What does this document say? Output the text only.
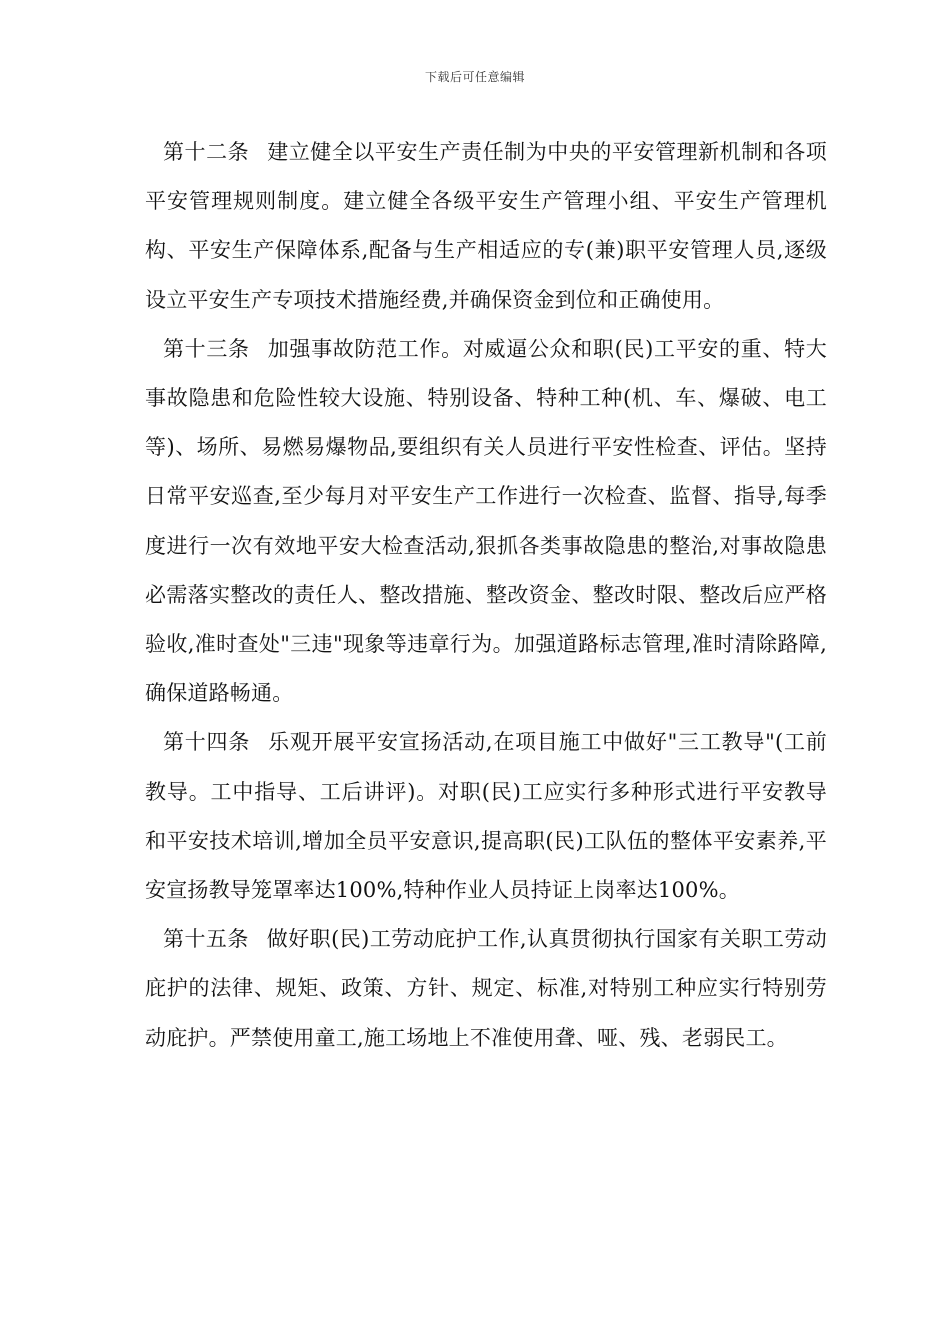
下载后可任意编辑

第十二条 建立健全以平安生产责任制为中央的平安管理新机制和各项平安管理规则制度。建立健全各级平安生产管理小组、平安生产管理机构、平安生产保障体系,配备与生产相适应的专(兼)职平安管理人员,逐级设立平安生产专项技术措施经费,并确保资金到位和正确使用。

第十三条 加强事故防范工作。对威逼公众和职(民)工平安的重、特大事故隐患和危险性较大设施、特别设备、特种工种(机、车、爆破、电工等)、场所、易燃易爆物品,要组织有关人员进行平安性检查、评估。坚持日常平安巡查,至少每月对平安生产工作进行一次检查、监督、指导,每季度进行一次有效地平安大检查活动,狠抓各类事故隐患的整治,对事故隐患必需落实整改的责任人、整改措施、整改资金、整改时限、整改后应严格验收,准时查处"三违"现象等违章行为。加强道路标志管理,准时清除路障,确保道路畅通。

第十四条 乐观开展平安宣扬活动,在项目施工中做好"三工教导"(工前教导。工中指导、工后讲评)。对职(民)工应实行多种形式进行平安教导和平安技术培训,增加全员平安意识,提高职(民)工队伍的整体平安素养,平安宣扬教导笼罩率达100%,特种作业人员持证上岗率达100%。

第十五条 做好职(民)工劳动庇护工作,认真贯彻执行国家有关职工劳动庇护的法律、规矩、政策、方针、规定、标准,对特别工种应实行特别劳动庇护。严禁使用童工,施工场地上不准使用聋、哑、残、老弱民工。
